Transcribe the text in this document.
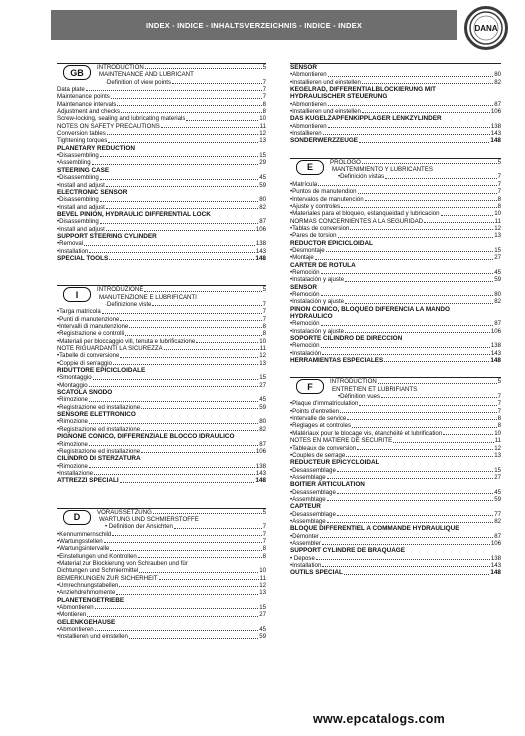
INDEX - INDICE - INHALTSVERZEICHNIS - INDICE - INDEX	DANA
GB	INTRODUCTION	5
MAINTENANCE AND LUBRICANT
·Definition of view points	7
Data plate	7
Maintenance points	7
Maintenance intervals	8
Adjustment and checks	8
Screw-locking, sealing and lubricating materials	10
NOTES ON SAFETY PRECAUTIONS	11
Conversion tables	12
Tightening torques	13
PLANETARY REDUCTION
•Disassembling	15
•Assembling	29
STEERING CASE
•Disassembling	45
•Install and adjust	59
ELECTRONIC SENSOR
•Disassembling	80
•Install and adjust	82
BEVEL PINION, HYDRAULIC DIFFERENTIAL LOCK
•Disassembling	87
•Install and adjust	106
SUPPORT STEERING CYLINDER
•Removal	138
•Installation	143
SPECIAL TOOLS	148
I	INTRODUZIONE	5
MANUTENZIONE E LUBRIFICANTI
·Definizione viste	7
•Targa matricola	7
•Punti di manutenzione	7
•Intervalli di manutenzione	8
•Registrazione e controlli	8
•Materiali per bloccaggio viti, tenuta e lubrificazione	10
NOTE RIGUARDANTI LA SICUREZZA	11
•Tabelle di conversione	12
•Coppie di serraggio	13
RIDUTTORE EPICICLOIDALE
•Smontaggio	15
•Montaggio	27
SCATOLA SNODO
•Rimozione	45
•Registrazione ed installazione	59
SENSORE ELETTRONICO
•Rimozione	80
•Registrazione ed installazione	82
PIGNONE CONICO, DIFFERENZIALE BLOCCO IDRAULICO
•Rimozione	87
•Registrazione ed installazione	106
CILINDRO DI STERZATURA
•Rimozione	138
•Installazione	143
ATTREZZI SPECIALI	148
D	VORAUSSETZUNG	5
WARTUNG UND SCHMIERSTOFFE
• Definition der Ansichten	7
•Kennummernschild	7
•Wartungsstellen	7
•Wartungsintervalle	8
•Einstellungen und Kontrollen	8
•Material zur Blockierung von Schrauben und für
Dichtungen und Schmiermittel	10
BEMERKUNGEN ZUR SICHERHEIT	11
•Umrechnungstabellen	12
•Anziehdrehmomente	13
PLANETENGETRIEBE
•Abmontieren	15
•Montieren	27
GELENKGEHÄUSE
•Abmontieren	45
•Installieren und einstellen	59
SENSOR
•Abmontieren	80
•Installieren und einstellen	82
KEGELRAD, DIFFERENTIALBLOCKIERUNG MIT
HYDRAULISCHER STEUERUNG
•Abmontieren	87
•Installieren und einstellen	106
DAS KUGELZAPFENKIPPLAGER LENKZYLINDER
•Abmontieren	138
•Installieren	143
SONDERWERZZEUGE	148
E	PROLOGO	5
MANTENIMIENTO Y LUBRICANTES
•Definición vistas	7
•Matrícula	7
•Puntos de manutendion	7
•Intervalos de manutención	8
•Ajuste y controles	8
•Materiales para el bloqueo, estanqueidad y lubricacion	10
NORMAS CONCERNIENTES A LA SEGURIDAD	11
•Tablas de conversion	12
•Pares de torsion	13
REDUCTOR EPICICLOIDAL
•Desmontaje	15
•Montaje	27
CARTER DE ROTULA
•Remoción	45
•Instalación y ajuste	59
SENSOR
•Remoción	80
•Instalación y ajuste	82
PIÑÓN CONICO, BLOQUEO DIFERENCIA LA MANDO
HYDRAULICO
•Remoción	87
•Instalación y ajuste	106
SOPORTE CILINDRO DE DIRECCIÓN
•Remoción	138
•Instalación	143
HERRAMIENTAS ESPECIALES	148
F	INTRODUCTION	5
ENTRETIEN ET LUBRIFIANTS
•Définition vues	7
•Plaque d'immatriculation	7
•Points d'entretien	7
•Intervalle de service	8
•Reglages et controles	8
•Matériaux pour le blocage vis, étanchéité et lubrification	10
NOTES EN MATIERE DE SECURITE	11
•Tableaux de conversion	12
•Couples de serrage	13
REDUCTEUR EPICYCLOIDAL
•Desassemblage	15
•Assemblage	27
BOITIER ARTICULATION
•Desassemblage	45
•Assemblage	59
CAPTEUR
•Desassemblage	77
•Assemblage	82
BLOQUE DIFFERENTIEL A COMMANDE HYDRAULIQUE
•Démonter	87
•Assembler	106
SUPPORT CYLINDRE DE BRAQUAGE
• Depose	138
•Installation	143
OUTILS SPECIAL	148
www.epcatalogs.com
